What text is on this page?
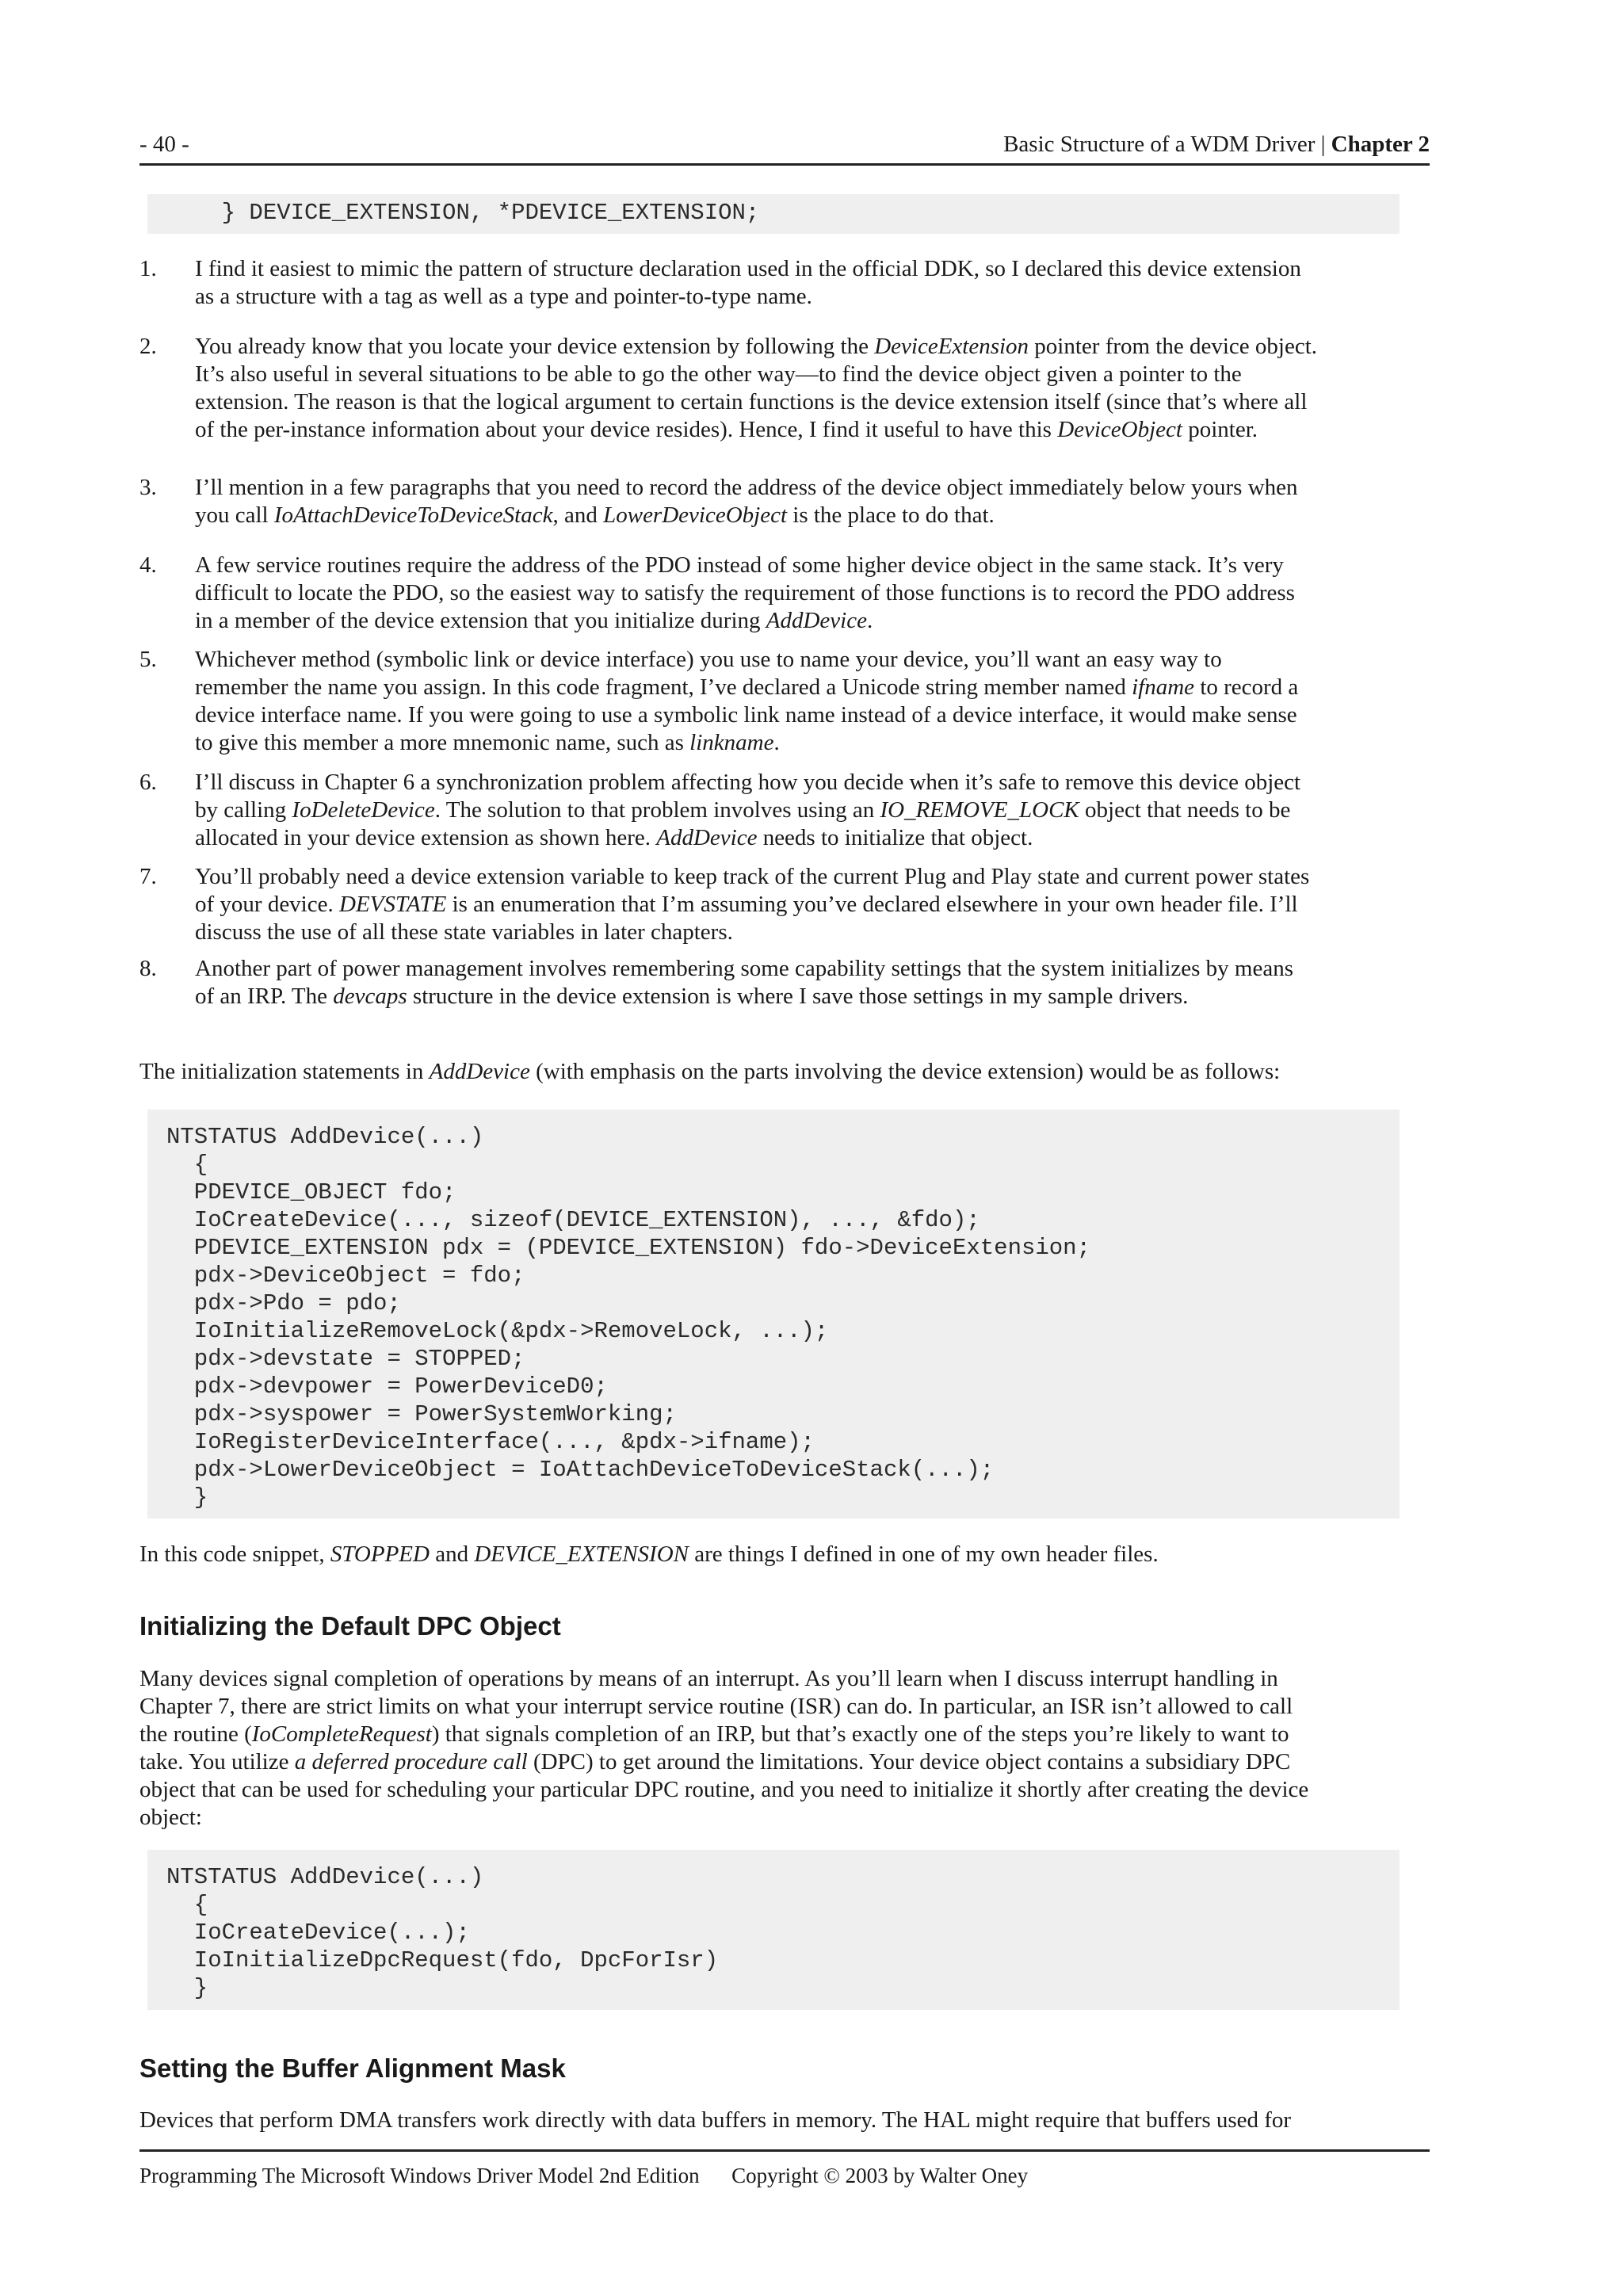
- 40 -	Basic Structure of a WDM Driver | Chapter 2
} DEVICE_EXTENSION, *PDEVICE_EXTENSION;
1. I find it easiest to mimic the pattern of structure declaration used in the official DDK, so I declared this device extension
as a structure with a tag as well as a type and pointer-to-type name.
2. You already know that you locate your device extension by following the DeviceExtension pointer from the device object.
It’s also useful in several situations to be able to go the other way—to find the device object given a pointer to the
extension. The reason is that the logical argument to certain functions is the device extension itself (since that’s where all
of the per-instance information about your device resides). Hence, I find it useful to have this DeviceObject pointer.
3. I’ll mention in a few paragraphs that you need to record the address of the device object immediately below yours when
you call IoAttachDeviceToDeviceStack, and LowerDeviceObject is the place to do that.
4. A few service routines require the address of the PDO instead of some higher device object in the same stack. It’s very
difficult to locate the PDO, so the easiest way to satisfy the requirement of those functions is to record the PDO address
in a member of the device extension that you initialize during AddDevice.
5. Whichever method (symbolic link or device interface) you use to name your device, you’ll want an easy way to
remember the name you assign. In this code fragment, I’ve declared a Unicode string member named ifname to record a
device interface name. If you were going to use a symbolic link name instead of a device interface, it would make sense
to give this member a more mnemonic name, such as linkname.
6. I’ll discuss in Chapter 6 a synchronization problem affecting how you decide when it’s safe to remove this device object
by calling IoDeleteDevice. The solution to that problem involves using an IO_REMOVE_LOCK object that needs to be
allocated in your device extension as shown here. AddDevice needs to initialize that object.
7. You’ll probably need a device extension variable to keep track of the current Plug and Play state and current power states
of your device. DEVSTATE is an enumeration that I’m assuming you’ve declared elsewhere in your own header file. I’ll
discuss the use of all these state variables in later chapters.
8. Another part of power management involves remembering some capability settings that the system initializes by means
of an IRP. The devcaps structure in the device extension is where I save those settings in my sample drivers.

The initialization statements in AddDevice (with emphasis on the parts involving the device extension) would be as follows:

NTSTATUS AddDevice(...)
{
PDEVICE_OBJECT fdo;
IoCreateDevice(..., sizeof(DEVICE_EXTENSION), ..., &fdo);
PDEVICE_EXTENSION pdx = (PDEVICE_EXTENSION) fdo->DeviceExtension;
pdx->DeviceObject = fdo;
pdx->Pdo = pdo;
IoInitializeRemoveLock(&pdx->RemoveLock, ...);
pdx->devstate = STOPPED;
pdx->devpower = PowerDeviceD0;
pdx->syspower = PowerSystemWorking;
IoRegisterDeviceInterface(..., &pdx->ifname);
pdx->LowerDeviceObject = IoAttachDeviceToDeviceStack(...);
}

In this code snippet, STOPPED and DEVICE_EXTENSION are things I defined in one of my own header files.

Initializing the Default DPC Object
Many devices signal completion of operations by means of an interrupt. As you’ll learn when I discuss interrupt handling in
Chapter 7, there are strict limits on what your interrupt service routine (ISR) can do. In particular, an ISR isn’t allowed to call
the routine (IoCompleteRequest) that signals completion of an IRP, but that’s exactly one of the steps you’re likely to want to
take. You utilize a deferred procedure call (DPC) to get around the limitations. Your device object contains a subsidiary DPC
object that can be used for scheduling your particular DPC routine, and you need to initialize it shortly after creating the device
object:
NTSTATUS AddDevice(...)
{
IoCreateDevice(...);
IoInitializeDpcRequest(fdo, DpcForIsr)
}
Setting the Buffer Alignment Mask

Devices that perform DMA transfers work directly with data buffers in memory. The HAL might require that buffers used for

Programming The Microsoft Windows Driver Model 2nd Edition Copyright © 2003 by Walter Oney
